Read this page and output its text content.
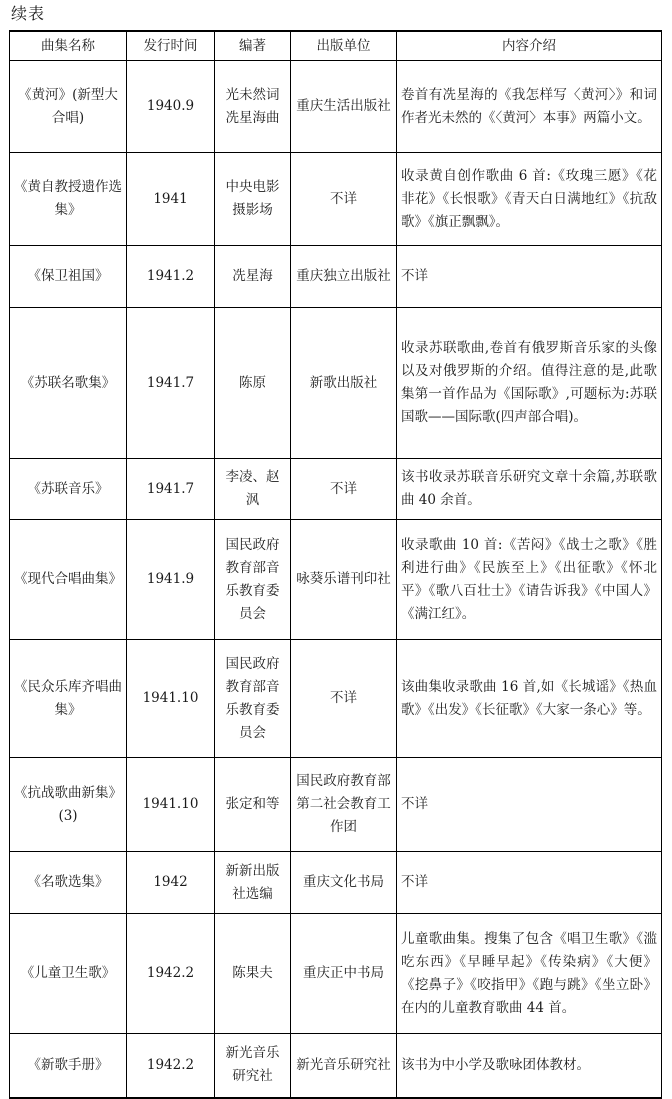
续表
曲集名称	发行时间	编著	出版单位	内容介绍
《黄河》(新型大合唱)	1940.9	光未然词冼星海曲	重庆生活出版社	卷首有冼星海的《我怎样写〈黄河〉》和词作者光未然的《〈黄河〉本事》两篇小文。
《黄自教授遗作选集》	1941	中央电影摄影场	不详	收录黄自创作歌曲 6 首:《玫瑰三愿》《花非花》《长恨歌》《青天白日满地红》《抗敌歌》《旗正飘飘》。
《保卫祖国》	1941.2	冼星海	重庆独立出版社	不详
《苏联名歌集》	1941.7	陈原	新歌出版社	收录苏联歌曲,卷首有俄罗斯音乐家的头像以及对俄罗斯的介绍。值得注意的是,此歌集第一首作品为《国际歌》,可题标为:苏联国歌——国际歌(四声部合唱)。
《苏联音乐》	1941.7	李凌、赵沨	不详	该书收录苏联音乐研究文章十余篇,苏联歌曲 40 余首。
《现代合唱曲集》	1941.9	国民政府教育部音乐教育委员会	咏葵乐谱刊印社	收录歌曲 10 首:《苦闷》《战士之歌》《胜利进行曲》《民族至上》《出征歌》《怀北平》《歌八百壮士》《请告诉我》《中国人》《满江红》。
《民众乐库齐唱曲集》	1941.10	国民政府教育部音乐教育委员会	不详	该曲集收录歌曲 16 首,如《长城谣》《热血歌》《出发》《长征歌》《大家一条心》等。
《抗战歌曲新集》(3)	1941.10	张定和等	国民政府教育部第二社会教育工作团	不详
《名歌选集》	1942	新新出版社选编	重庆文化书局	不详
《儿童卫生歌》	1942.2	陈果夫	重庆正中书局	儿童歌曲集。搜集了包含《唱卫生歌》《滥吃东西》《早睡早起》《传染病》《大便》《挖鼻子》《咬指甲》《跑与跳》《坐立卧》在内的儿童教育歌曲 44 首。
《新歌手册》	1942.2	新光音乐研究社	新光音乐研究社	该书为中小学及歌咏团体教材。
